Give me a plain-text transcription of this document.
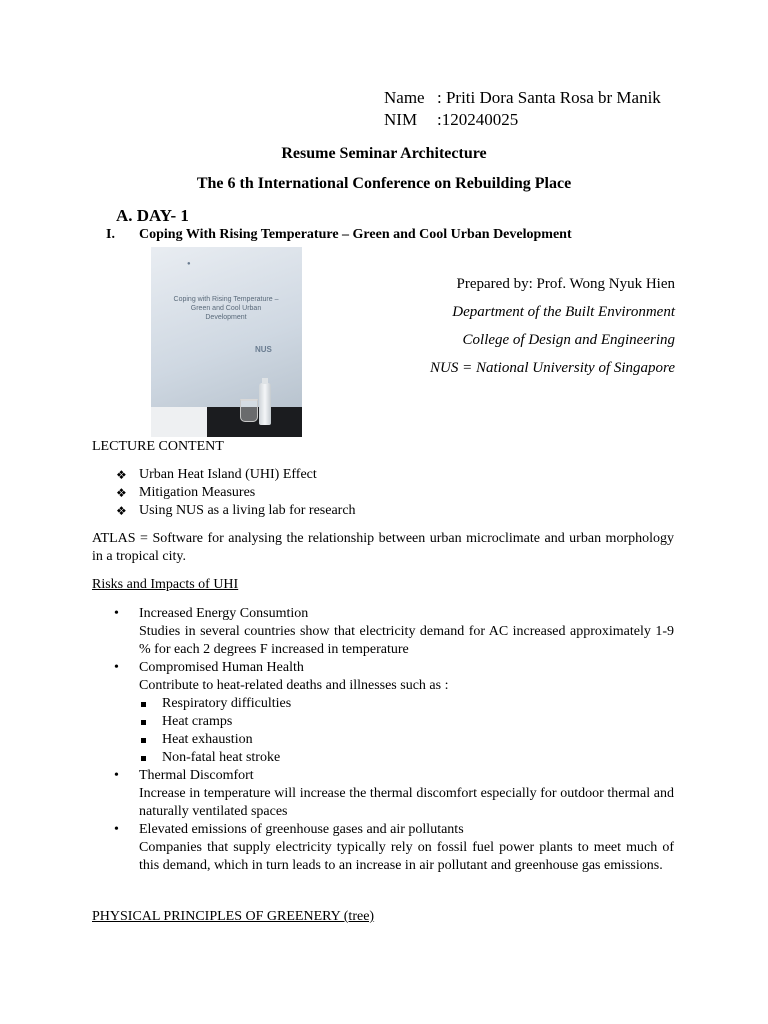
Name : Priti Dora Santa Rosa br Manik
NIM	:120240025
Resume Seminar Architecture
The 6 th International Conference on Rebuilding Place
A. DAY- 1
I. Coping With Rising Temperature – Green and Cool Urban Development
●
Coping with Rising Temperature – Green and Cool Urban Development
NUS
Prepared by: Prof. Wong Nyuk Hien
Department of the Built Environment
College of Design and Engineering
NUS = National University of Singapore
LECTURE CONTENT
❖ Urban Heat Island (UHI) Effect
❖ Mitigation Measures
❖ Using NUS as a living lab for research
ATLAS = Software for analysing the relationship between urban microclimate and urban morphology in a tropical city.
Risks and Impacts of UHI
• Increased Energy Consumtion
Studies in several countries show that electricity demand for AC increased approximately 1-9 % for each 2 degrees F increased in temperature
• Compromised Human Health
Contribute to heat-related deaths and illnesses such as :
Respiratory difficulties
Heat cramps
Heat exhaustion
Non-fatal heat stroke
• Thermal Discomfort
Increase in temperature will increase the thermal discomfort especially for outdoor thermal and naturally ventilated spaces
• Elevated emissions of greenhouse gases and air pollutants
Companies that supply electricity typically rely on fossil fuel power plants to meet much of this demand, which in turn leads to an increase in air pollutant and greenhouse gas emissions.
PHYSICAL PRINCIPLES OF GREENERY (tree)
